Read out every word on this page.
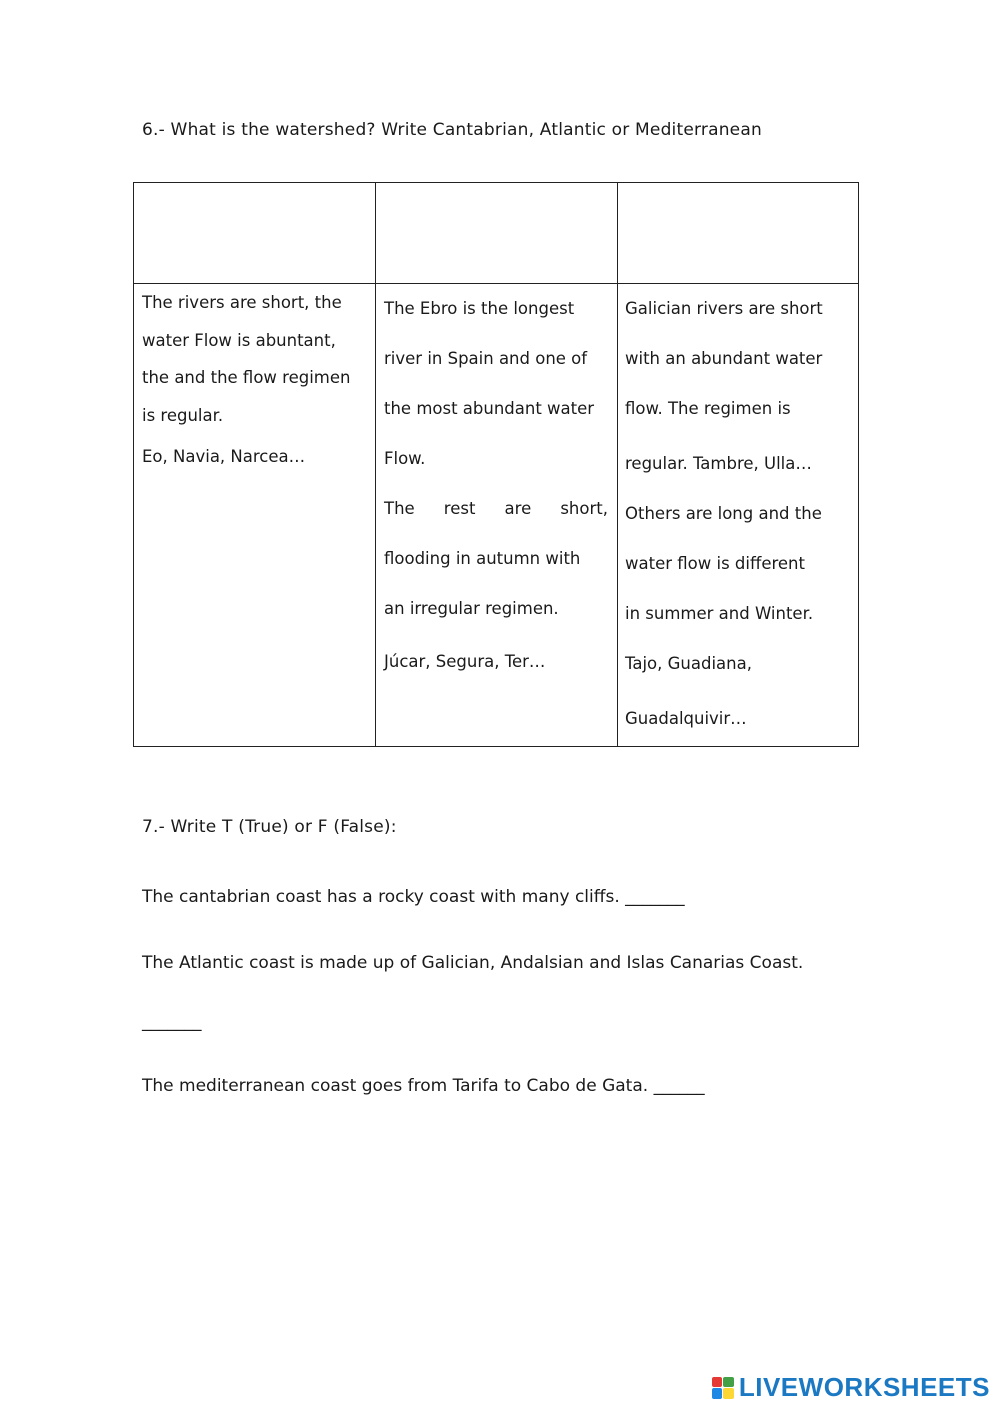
6.- What is the watershed? Write Cantabrian, Atlantic or Mediterranean

The rivers are short, the

water Flow is abuntant,

the and the flow regimen

is regular.

Eo, Navia, Narcea…

The Ebro is the longest

river in Spain and one of

the most abundant water

Flow.

The rest are short,

flooding in autumn with

an irregular regimen.

Júcar, Segura, Ter…

Galician rivers are short

with an abundant water

flow. The regimen is

regular. Tambre, Ulla…

Others are long and the

water flow is different

in summer and Winter.

Tajo, Guadiana,

Guadalquivir…

7.- Write T (True) or F (False):
The cantabrian coast has a rocky coast with many cliffs. _______
The Atlantic coast is made up of Galician, Andalsian and Islas Canarias Coast.
_______
The mediterranean coast goes from Tarifa to Cabo de Gata. ______
LIVEWORKSHEETS
